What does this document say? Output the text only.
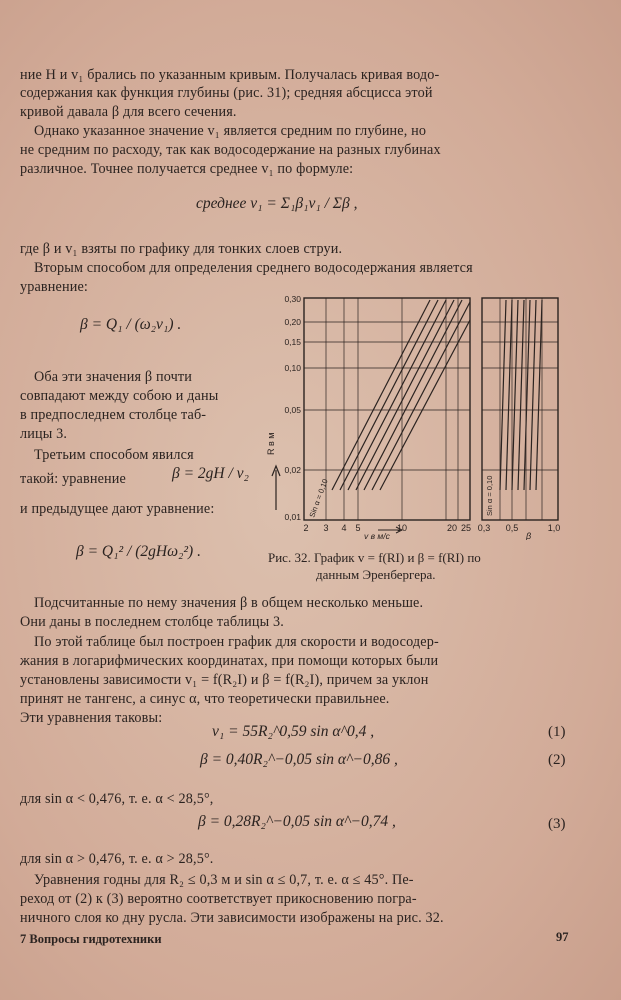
ние H и v₁ брались по указанным кривым. Получалась кривая водо-
содержания как функция глубины (рис. 31); средняя абсцисса этой
кривой давала β для всего сечения.
Однако указанное значение v₁ является средним по глубине, но
не средним по расходу, так как водосодержание на разных глубинах
различное. Точнее получается среднее v₁ по формуле:
среднее v₁ = Σ₁β₁v₁ / Σβ ,
где β и v₁ взяты по графику для тонких слоев струи.
Вторым способом для определения среднего водосодержания является
уравнение:
β = Q₁ / (ω₂v₁) .
Оба эти значения β почти
совпадают между собою и даны
в предпоследнем столбце таб-
лицы 3.
Третьим способом явился
такой: уравнение	β = 2gH / v₂
и предыдущее дают уравнение:
β = Q₁² / (2gHω₂²) .
0,30
0,20
0,15
0,10
0,05
0,02
0,01
2 3 4 5	10	20 25 0,3 0,5	1,0
R в м
v в м/с	β
Sin α = 0,10	Sin α = 0,10
Рис. 32. График v = f(RI) и β = f(RI) по
данным Эренбергера.
Подсчитанные по нему значения β в общем несколько меньше.
Они даны в последнем столбце таблицы 3.
По этой таблице был построен график для скорости и водосодер-
жания в логарифмических координатах, при помощи которых были
установлены зависимости v₁ = f(R₂I) и β = f(R₂I), причем за уклон
принят не тангенс, а синус α, что теоретически правильнее.
Эти уравнения таковы:
v₁ = 55R₂^0,59 sin α^0,4 ,	(1)
β = 0,40R₂^−0,05 sin α^−0,86 ,	(2)
для sin α < 0,476, т. е. α < 28,5°,
β = 0,28R₂^−0,05 sin α^−0,74 ,	(3)
для sin α > 0,476, т. е. α > 28,5°.
Уравнения годны для R₂ ≤ 0,3 м и sin α ≤ 0,7, т. е. α ≤ 45°. Пе-
реход от (2) к (3) вероятно соответствует прикосновению погра-
ничного слоя ко дну русла. Эти зависимости изображены на рис. 32.
7 Вопросы гидротехники	97
